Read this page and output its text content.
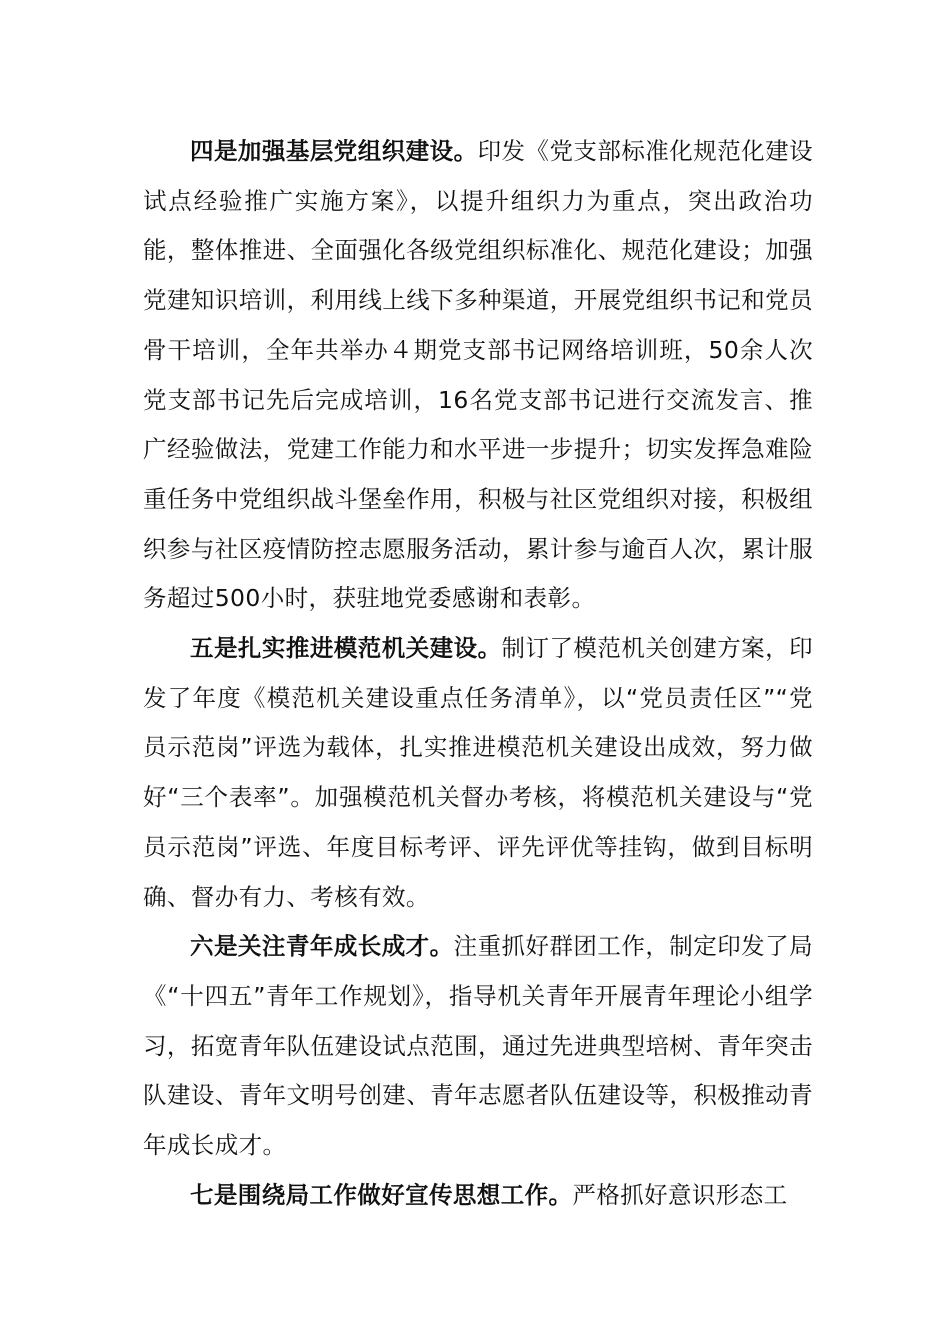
四是加强基层党组织建设。印发《党支部标准化规范化建设试点经验推广实施方案》，以提升组织力为重点，突出政治功能，整体推进、全面强化各级党组织标准化、规范化建设；加强党建知识培训，利用线上线下多种渠道，开展党组织书记和党员骨干培训，全年共举办４期党支部书记网络培训班，50余人次党支部书记先后完成培训，16名党支部书记进行交流发言、推广经验做法，党建工作能力和水平进一步提升；切实发挥急难险重任务中党组织战斗堡垒作用，积极与社区党组织对接，积极组织参与社区疫情防控志愿服务活动，累计参与逾百人次，累计服务超过500小时，获驻地党委感谢和表彰。

五是扎实推进模范机关建设。制订了模范机关创建方案，印发了年度《模范机关建设重点任务清单》，以“党员责任区”“党员示范岗”评选为载体，扎实推进模范机关建设出成效，努力做好“三个表率”。加强模范机关督办考核，将模范机关建设与“党员示范岗”评选、年度目标考评、评先评优等挂钩，做到目标明确、督办有力、考核有效。

六是关注青年成长成才。注重抓好群团工作，制定印发了局《“十四五”青年工作规划》，指导机关青年开展青年理论小组学习，拓宽青年队伍建设试点范围，通过先进典型培树、青年突击队建设、青年文明号创建、青年志愿者队伍建设等，积极推动青年成长成才。

七是围绕局工作做好宣传思想工作。严格抓好意识形态工
